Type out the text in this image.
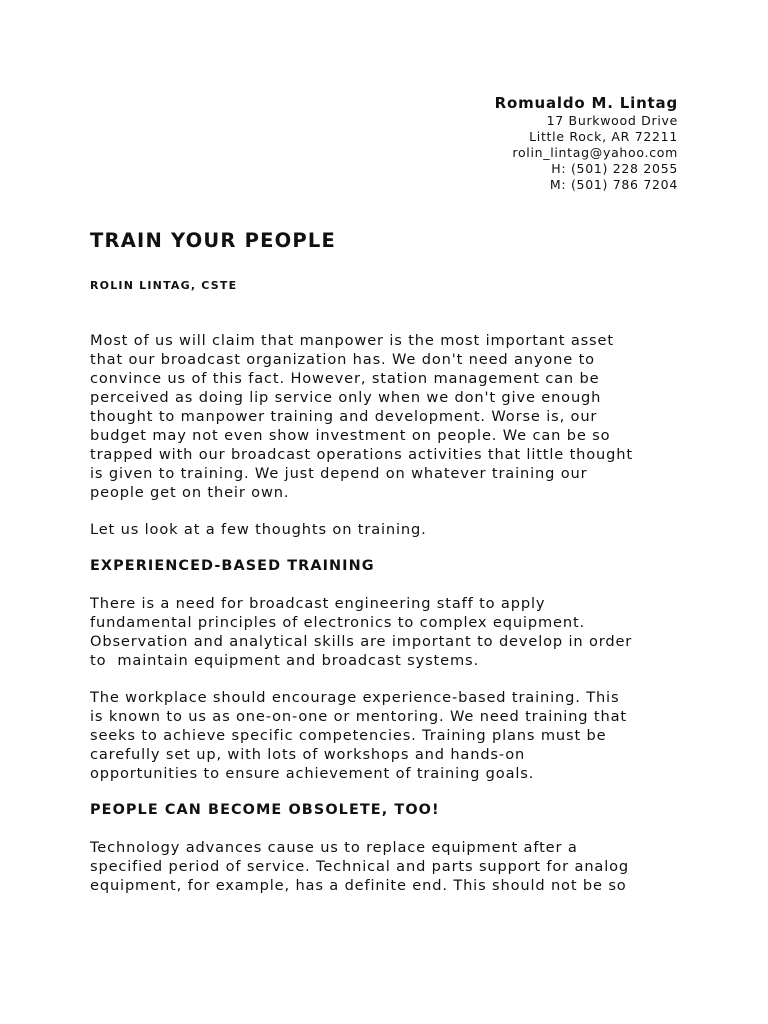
Romualdo M. Lintag
17 Burkwood Drive
Little Rock, AR 72211
rolin_lintag@yahoo.com
H: (501) 228 2055
M: (501) 786 7204
TRAIN YOUR PEOPLE
ROLIN LINTAG, CSTE

Most of us will claim that manpower is the most important asset
that our broadcast organization has. We don't need anyone to
convince us of this fact. However, station management can be
perceived as doing lip service only when we don't give enough
thought to manpower training and development. Worse is, our
budget may not even show investment on people. We can be so
trapped with our broadcast operations activities that little thought
is given to training. We just depend on whatever training our
people get on their own.

Let us look at a few thoughts on training.

EXPERIENCED-BASED TRAINING

There is a need for broadcast engineering staff to apply
fundamental principles of electronics to complex equipment.
Observation and analytical skills are important to develop in order
to  maintain equipment and broadcast systems.

The workplace should encourage experience-based training. This
is known to us as one-on-one or mentoring. We need training that
seeks to achieve specific competencies. Training plans must be
carefully set up, with lots of workshops and hands-on
opportunities to ensure achievement of training goals.

PEOPLE CAN BECOME OBSOLETE, TOO!

Technology advances cause us to replace equipment after a
specified period of service. Technical and parts support for analog
equipment, for example, has a definite end. This should not be so
